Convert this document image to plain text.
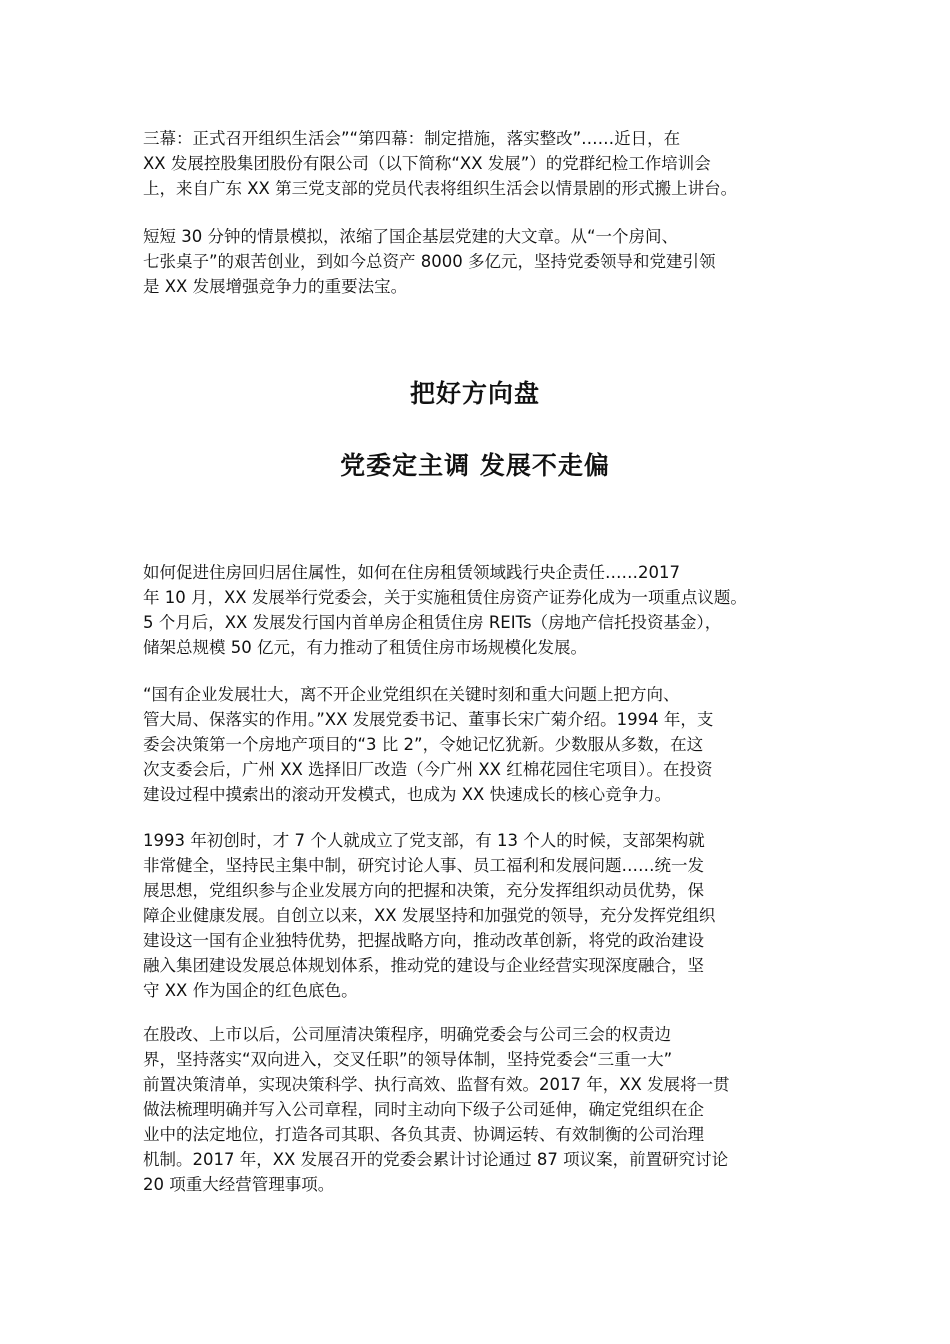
三幕：正式召开组织生活会”“第四幕：制定措施，落实整改”……近日，在
XX 发展控股集团股份有限公司（以下简称“XX 发展”）的党群纪检工作培训会
上，来自广东 XX 第三党支部的党员代表将组织生活会以情景剧的形式搬上讲台。

短短 30 分钟的情景模拟，浓缩了国企基层党建的大文章。从“一个房间、
七张桌子”的艰苦创业，到如今总资产 8000 多亿元，坚持党委领导和党建引领
是 XX 发展增强竞争力的重要法宝。

把好方向盘
党委定主调 发展不走偏

如何促进住房回归居住属性，如何在住房租赁领域践行央企责任……2017
年 10 月，XX 发展举行党委会，关于实施租赁住房资产证券化成为一项重点议题。
5 个月后，XX 发展发行国内首单房企租赁住房 REITs（房地产信托投资基金），
储架总规模 50 亿元，有力推动了租赁住房市场规模化发展。

“国有企业发展壮大，离不开企业党组织在关键时刻和重大问题上把方向、
管大局、保落实的作用。”XX 发展党委书记、董事长宋广菊介绍。1994 年，支
委会决策第一个房地产项目的“3 比 2”，令她记忆犹新。少数服从多数，在这
次支委会后，广州 XX 选择旧厂改造（今广州 XX 红棉花园住宅项目）。在投资
建设过程中摸索出的滚动开发模式，也成为 XX 快速成长的核心竞争力。

1993 年初创时，才 7 个人就成立了党支部，有 13 个人的时候，支部架构就
非常健全，坚持民主集中制，研究讨论人事、员工福利和发展问题……统一发
展思想，党组织参与企业发展方向的把握和决策，充分发挥组织动员优势，保
障企业健康发展。自创立以来，XX 发展坚持和加强党的领导，充分发挥党组织
建设这一国有企业独特优势，把握战略方向，推动改革创新，将党的政治建设
融入集团建设发展总体规划体系，推动党的建设与企业经营实现深度融合，坚
守 XX 作为国企的红色底色。

在股改、上市以后，公司厘清决策程序，明确党委会与公司三会的权责边
界，坚持落实“双向进入，交叉任职”的领导体制，坚持党委会“三重一大”
前置决策清单，实现决策科学、执行高效、监督有效。2017 年，XX 发展将一贯
做法梳理明确并写入公司章程，同时主动向下级子公司延伸，确定党组织在企
业中的法定地位，打造各司其职、各负其责、协调运转、有效制衡的公司治理
机制。2017 年，XX 发展召开的党委会累计讨论通过 87 项议案，前置研究讨论
20 项重大经营管理事项。
